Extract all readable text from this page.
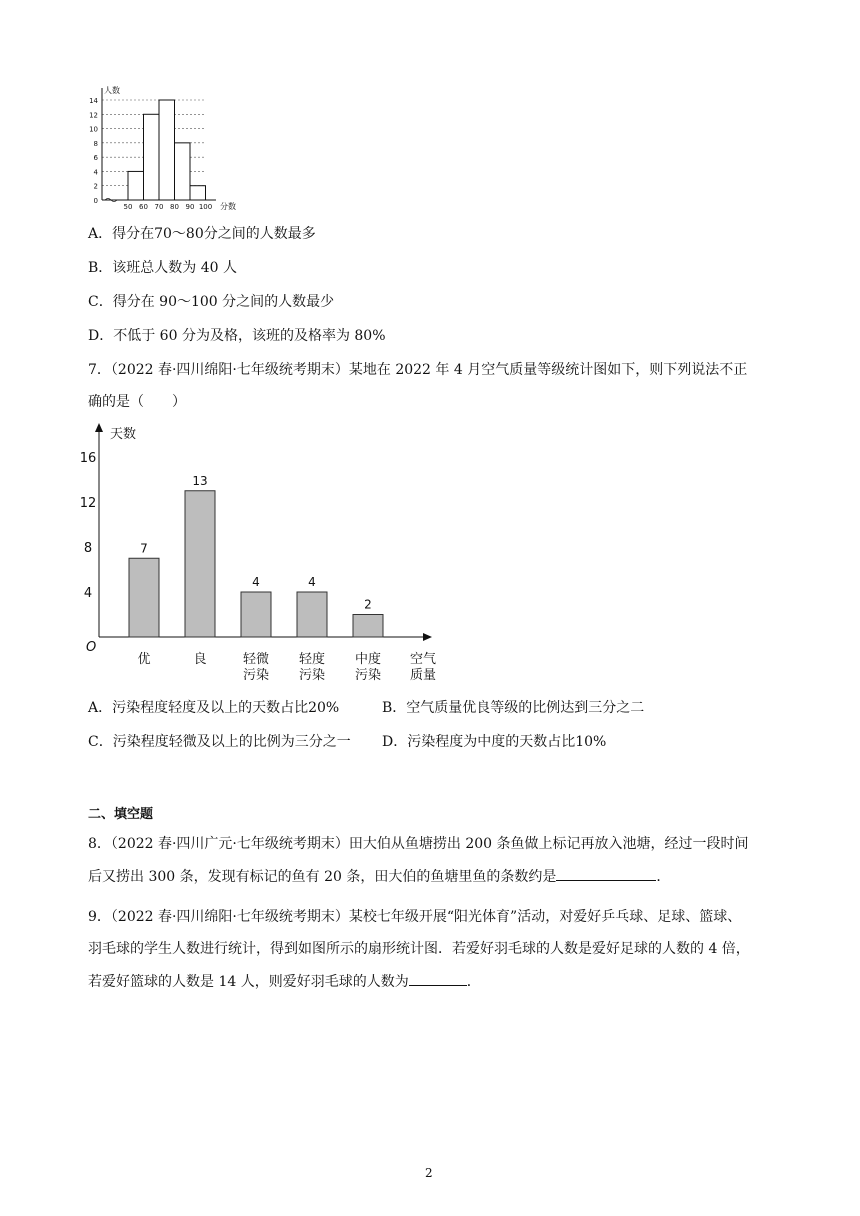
0
2
4
6
8
10
12
14
50 60 70 80 90 100
人数
分数
A．得分在70～80分之间的人数最多
B．该班总人数为 40 人
C．得分在 90～100 分之间的人数最少
D．不低于 60 分为及格，该班的及格率为 80%
7．（2022 春·四川绵阳·七年级统考期末）某地在 2022 年 4 月空气质量等级统计图如下，则下列说法不正
确的是（　　）
4
8
12
16
7
13
4	4
2
优	良	轻微
污染
轻度
污染
中度
污染
天数
O
空气
质量
A．污染程度轻度及以上的天数占比20%	B．空气质量优良等级的比例达到三分之二
C．污染程度轻微及以上的比例为三分之一 D．污染程度为中度的天数占比10%
二、填空题
8．（2022 春·四川广元·七年级统考期末）田大伯从鱼塘捞出 200 条鱼做上标记再放入池塘，经过一段时间
后又捞出 300 条，发现有标记的鱼有 20 条，田大伯的鱼塘里鱼的条数约是	．
9．（2022 春·四川绵阳·七年级统考期末）某校七年级开展“阳光体育”活动，对爱好乒乓球、足球、篮球、
羽毛球的学生人数进行统计，得到如图所示的扇形统计图．若爱好羽毛球的人数是爱好足球的人数的 4 倍，
若爱好篮球的人数是 14 人，则爱好羽毛球的人数为	．
2
